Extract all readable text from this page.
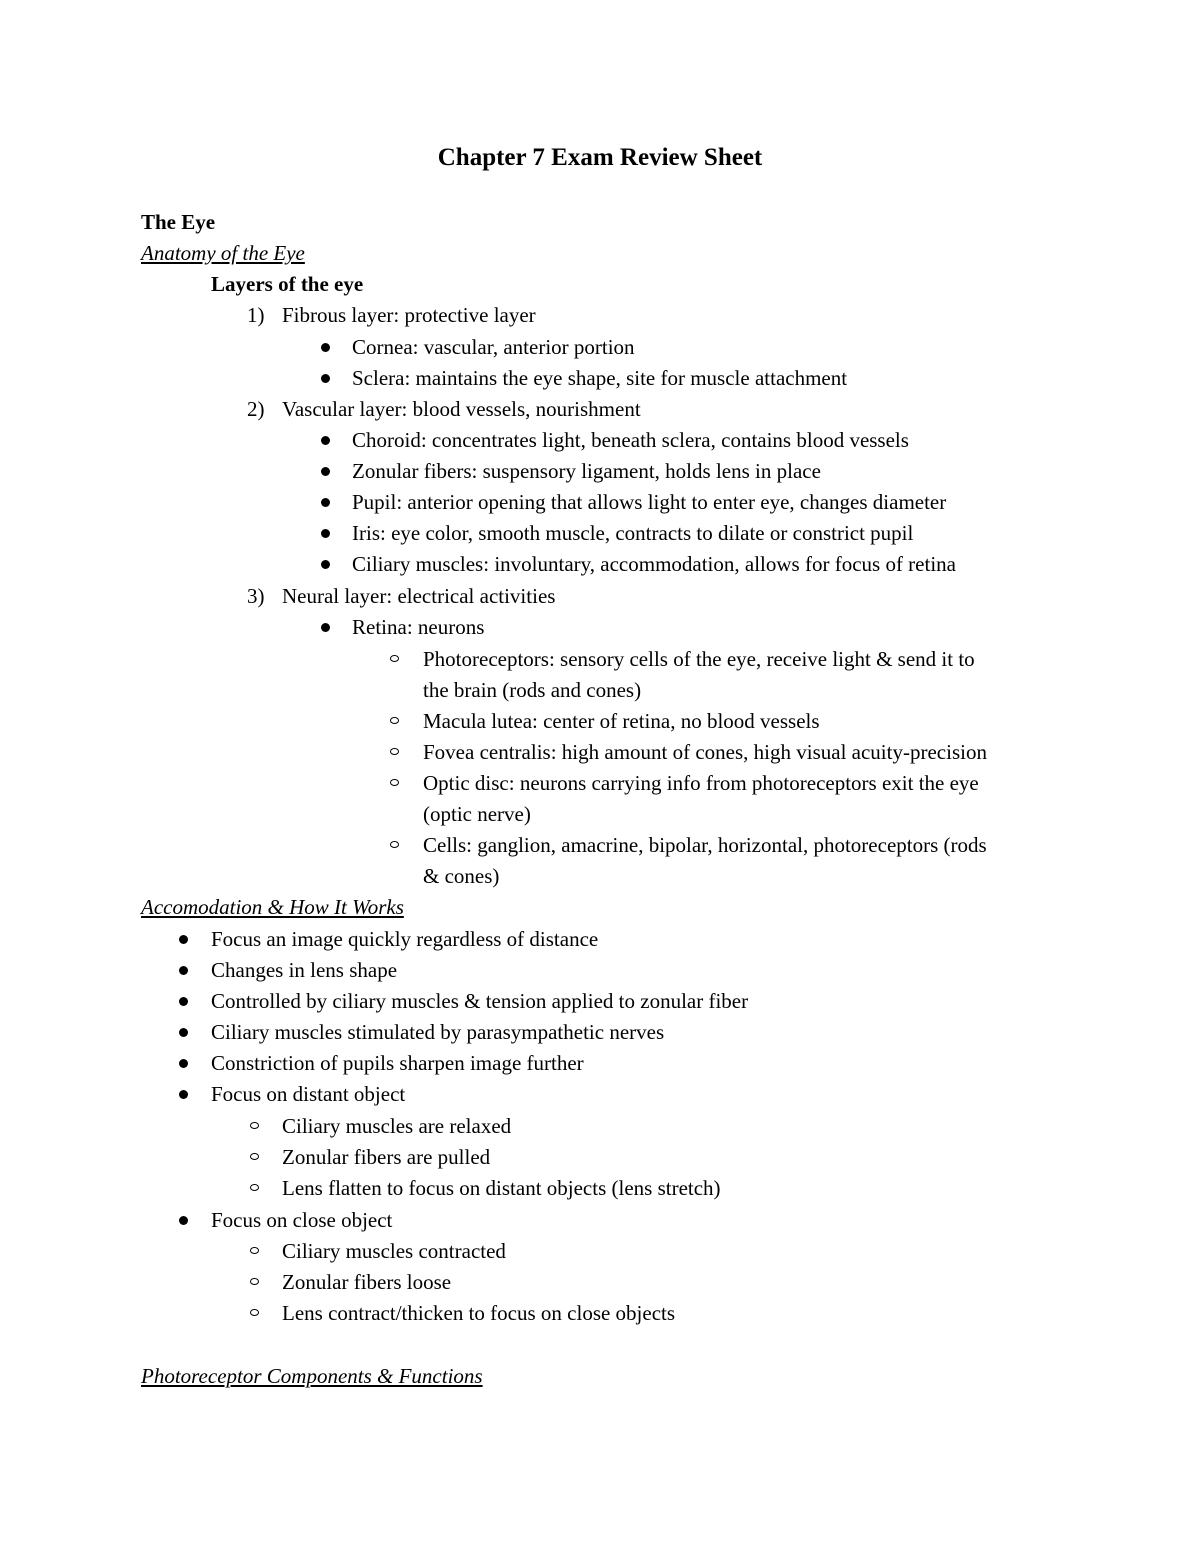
Chapter 7 Exam Review Sheet
The Eye
Anatomy of the Eye
Layers of the eye
1) Fibrous layer: protective layer
Cornea: vascular, anterior portion
Sclera: maintains the eye shape, site for muscle attachment
2) Vascular layer: blood vessels, nourishment
Choroid: concentrates light, beneath sclera, contains blood vessels
Zonular fibers: suspensory ligament, holds lens in place
Pupil: anterior opening that allows light to enter eye, changes diameter
Iris: eye color, smooth muscle, contracts to dilate or constrict pupil
Ciliary muscles: involuntary, accommodation, allows for focus of retina
3) Neural layer: electrical activities
Retina: neurons
Photoreceptors: sensory cells of the eye, receive light & send it to
the brain (rods and cones)
Macula lutea: center of retina, no blood vessels
Fovea centralis: high amount of cones, high visual acuity-precision
Optic disc: neurons carrying info from photoreceptors exit the eye
(optic nerve)
Cells: ganglion, amacrine, bipolar, horizontal, photoreceptors (rods
& cones)
Accomodation & How It Works
Focus an image quickly regardless of distance
Changes in lens shape
Controlled by ciliary muscles & tension applied to zonular fiber
Ciliary muscles stimulated by parasympathetic nerves
Constriction of pupils sharpen image further
Focus on distant object
Ciliary muscles are relaxed
Zonular fibers are pulled
Lens flatten to focus on distant objects (lens stretch)
Focus on close object
Ciliary muscles contracted
Zonular fibers loose
Lens contract/thicken to focus on close objects
Photoreceptor Components & Functions
